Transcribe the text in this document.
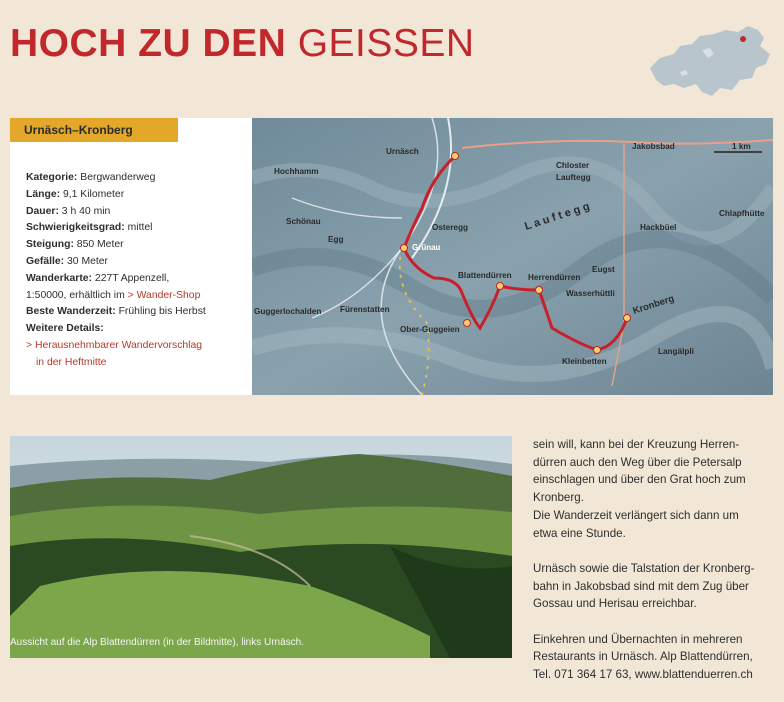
HOCH ZU DEN GEISSEN
Urnäsch–Kronberg
Kategorie: Bergwanderweg
Länge: 9,1 Kilometer
Dauer: 3 h 40 min
Schwierigkeitsgrad: mittel
Steigung: 850 Meter
Gefälle: 30 Meter
Wanderkarte: 227T Appenzell,
1:50000, erhältlich im > Wander-Shop
Beste Wanderzeit: Frühling bis Herbst
Weitere Details:
> Herausnehmbarer Wandervorschlag
in der Heftmitte
1 km
Urnäsch
Jakobsbad
Hochhamm
Chloster
Lauftegg
Schönau
Osteregg
Egg
Grünau
L a u f t e g g	Hackbüel
Chlapfhütte
Blattendürren Herrendürren
Eugst
Wasserhüttli Kronberg
Guggerlochalden Fürenstatten
Ober-Guggeien
Kleinbetten
Langälpli
Aussicht auf die Alp Blattendürren (in der Bildmitte), links Urnäsch.

sein will, kann bei der Kreuzung Herren-
dürren auch den Weg über die Petersalp
einschlagen und über den Grat hoch zum
Kronberg.

Die Wanderzeit verlängert sich dann um
etwa eine Stunde.

Urnäsch sowie die Talstation der Kronberg-
bahn in Jakobsbad sind mit dem Zug über
Gossau und Herisau erreichbar.

Einkehren und Übernachten in mehreren
Restaurants in Urnäsch. Alp Blattendürren,
Tel. 071 364 17 63, www.blattenduerren.ch
